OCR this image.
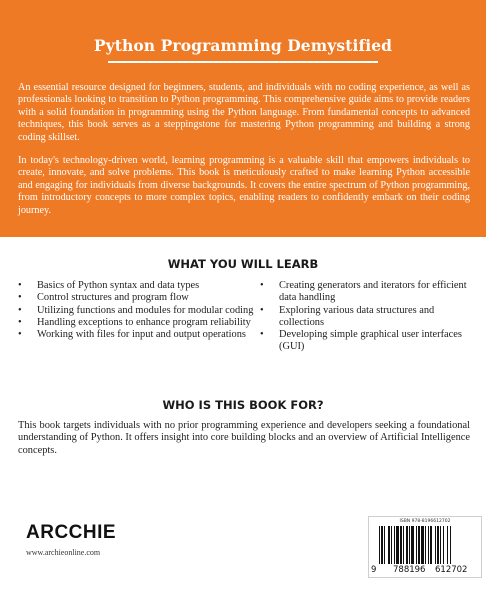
Python Programming Demystified

An essential resource designed for beginners, students, and individuals with no coding experience, as well as professionals looking to transition to Python programming. This comprehensive guide aims to provide readers with a solid foundation in programming using the Python language. From fundamental concepts to advanced techniques, this book serves as a steppingstone for mastering Python programming and building a strong coding skillset.

In today's technology-driven world, learning programming is a valuable skill that empowers individuals to create, innovate, and solve problems. This book is meticulously crafted to make learning Python accessible and engaging for individuals from diverse backgrounds. It covers the entire spectrum of Python programming, from introductory concepts to more complex topics, enabling readers to confidently embark on their coding journey.

WHAT YOU WILL LEARB
• Basics of Python syntax and data types
• Control structures and program flow
• Utilizing functions and modules for modular coding
• Handling exceptions to enhance program reliability
• Working with files for input and output operations
• Creating generators and iterators for efficient data handling
• Exploring various data structures and collections
• Developing simple graphical user interfaces (GUI)
WHO IS THIS BOOK FOR?

This book targets individuals with no prior programming experience and developers seeking a foundational understanding of Python. It offers insight into core building blocks and an overview of Artificial Intelligence concepts.

ARCCHIE
www.archieonline.com
ISBN 978-8196612702
9 788196 612702
